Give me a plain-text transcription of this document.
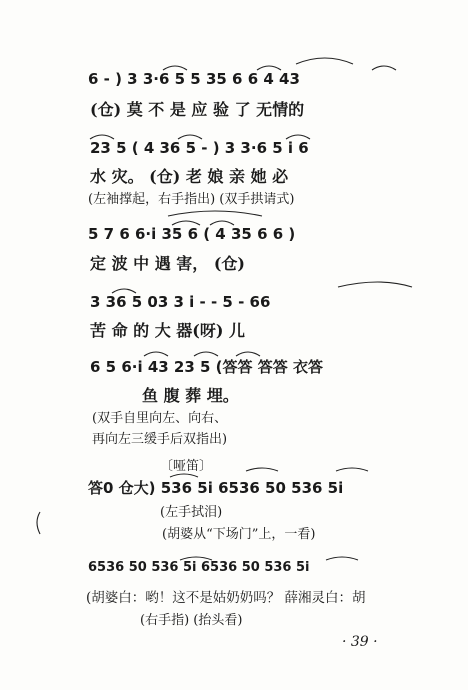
6 - ) 3 3·6 5 5 35 6 6 4 43
(仓) 莫 不 是 应 验 了 无情的
23 5 ( 4 36 5 - ) 3 3·6 5 i 6
水 灾。 (仓) 老 娘 亲 她 必
(左袖撑起，右手指出) (双手拱请式)
5 7 6 6·i 35 6 ( 4 35 6 6 )
定 波 中 遇 害， (仓)
3 36 5 03 3 i - - 5 - 66
苦 命 的 大 器(呀) 儿
6 5 6·i 43 23 5 (答答 答答 衣答
鱼 腹 葬 埋。
(双手自里向左、向右、
再向左三缓手后双指出)
〔哑笛〕
答0 仓大) 536 5i 6536 50 536 5i
(左手拭泪)
(胡婆从“下场门”上，一看)
6536 50 536 5i 6536 50 536 5i
(胡婆白：哟！这不是姑奶奶吗？ 薛湘灵白：胡
(右手指) (抬头看)
· 39 ·
